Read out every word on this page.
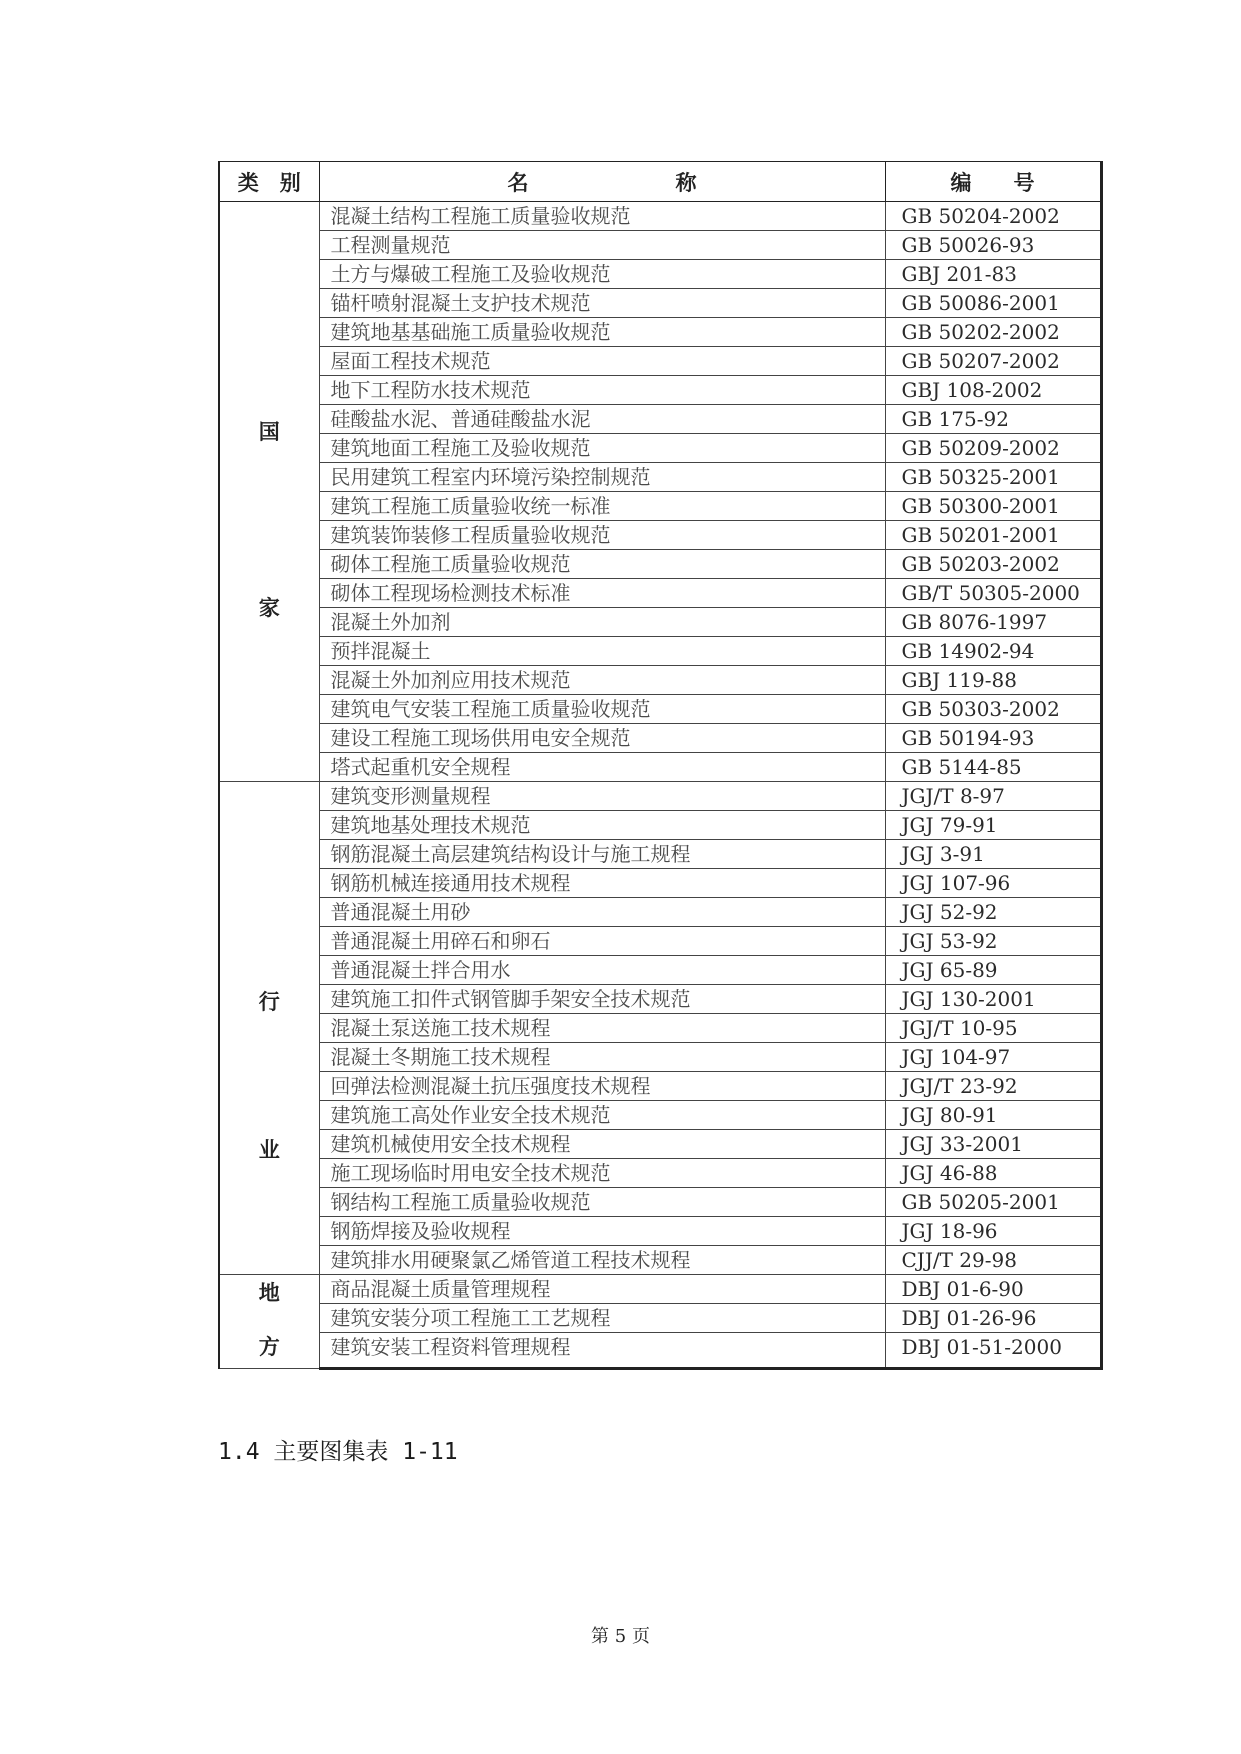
类　别	名　　　　　　　称	编　　号

国
家	混凝土结构工程施工质量验收规范	GB 50204-2002
	工程测量规范	GB 50026-93
	土方与爆破工程施工及验收规范	GBJ 201-83
	锚杆喷射混凝土支护技术规范	GB 50086-2001
	建筑地基基础施工质量验收规范	GB 50202-2002
	屋面工程技术规范	GB 50207-2002
	地下工程防水技术规范	GBJ 108-2002
	硅酸盐水泥、普通硅酸盐水泥	GB 175-92
	建筑地面工程施工及验收规范	GB 50209-2002
	民用建筑工程室内环境污染控制规范	GB 50325-2001
	建筑工程施工质量验收统一标准	GB 50300-2001
	建筑装饰装修工程质量验收规范	GB 50201-2001
	砌体工程施工质量验收规范	GB 50203-2002
	砌体工程现场检测技术标准	GB/T 50305-2000
	混凝土外加剂	GB 8076-1997
	预拌混凝土	GB 14902-94
	混凝土外加剂应用技术规范	GBJ 119-88
	建筑电气安装工程施工质量验收规范	GB 50303-2002
	建设工程施工现场供用电安全规范	GB 50194-93
	塔式起重机安全规程	GB 5144-85

行
业	建筑变形测量规程	JGJ/T 8-97
	建筑地基处理技术规范	JGJ 79-91
	钢筋混凝土高层建筑结构设计与施工规程	JGJ 3-91
	钢筋机械连接通用技术规程	JGJ 107-96
	普通混凝土用砂	JGJ 52-92
	普通混凝土用碎石和卵石	JGJ 53-92
	普通混凝土拌合用水	JGJ 65-89
	建筑施工扣件式钢管脚手架安全技术规范	JGJ 130-2001
	混凝土泵送施工技术规程	JGJ/T 10-95
	混凝土冬期施工技术规程	JGJ 104-97
	回弹法检测混凝土抗压强度技术规程	JGJ/T 23-92
	建筑施工高处作业安全技术规范	JGJ 80-91
	建筑机械使用安全技术规程	JGJ 33-2001
	施工现场临时用电安全技术规范	JGJ 46-88
	钢结构工程施工质量验收规范	GB 50205-2001
	钢筋焊接及验收规程	JGJ 18-96
	建筑排水用硬聚氯乙烯管道工程技术规程	CJJ/T 29-98

地
方	商品混凝土质量管理规程	DBJ 01-6-90
	建筑安装分项工程施工工艺规程	DBJ 01-26-96
	建筑安装工程资料管理规程	DBJ 01-51-2000
1.4 主要图集表 1-11
第 5 页
